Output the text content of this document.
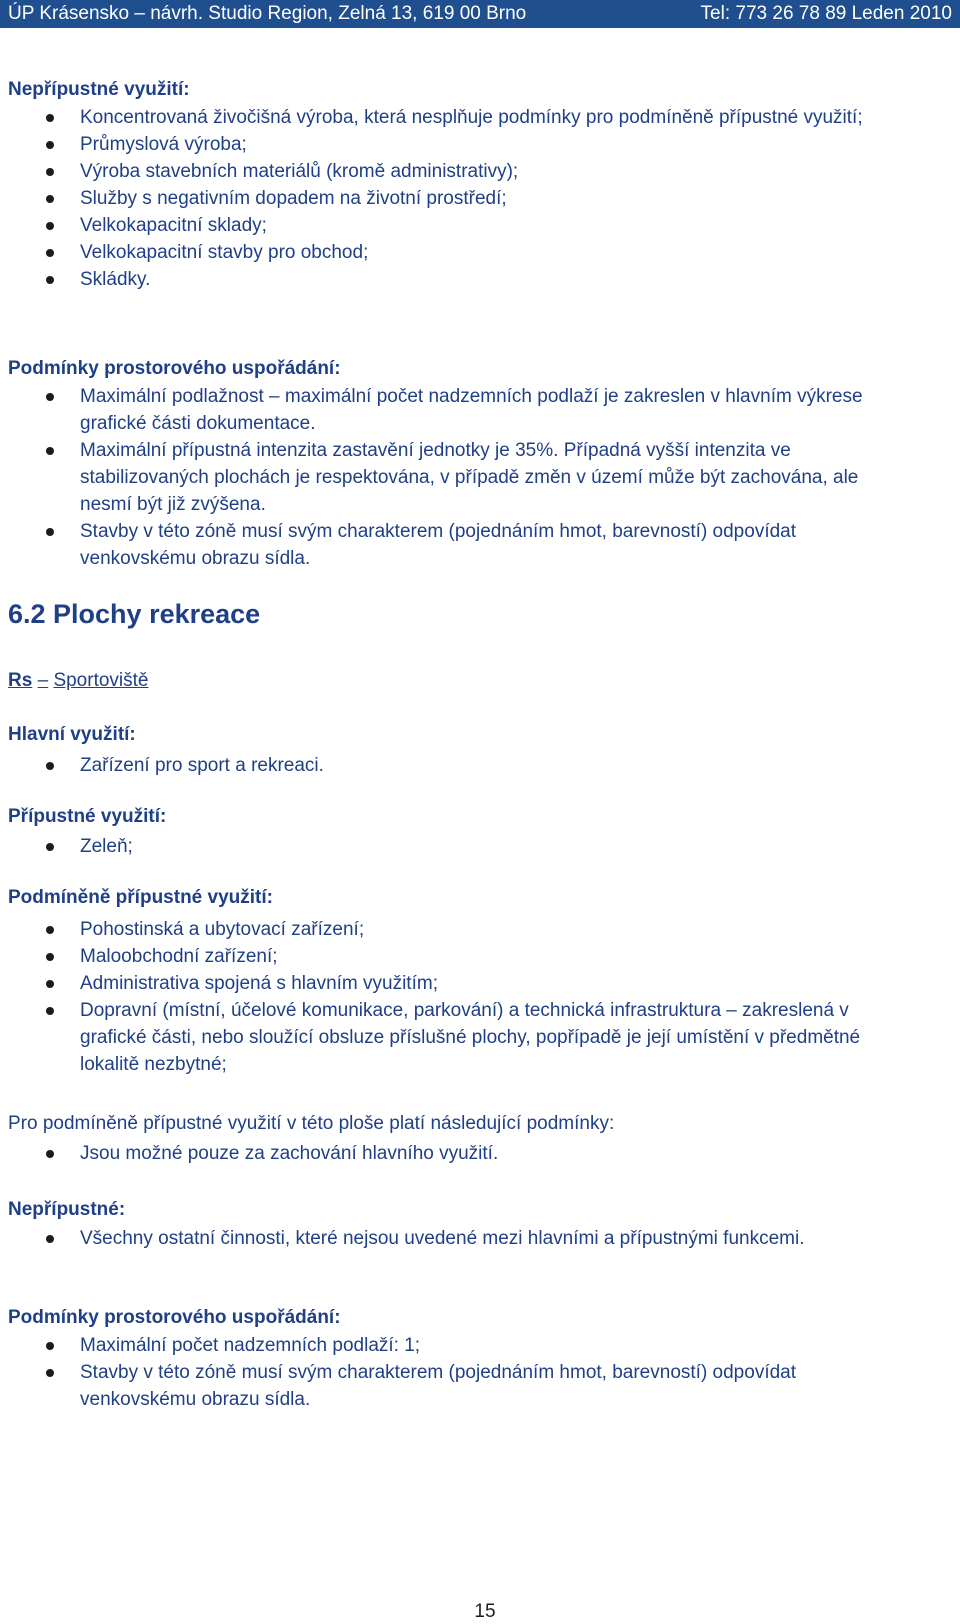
ÚP Krásensko – návrh. Studio Region, Zelná 13, 619 00 Brno	Tel: 773 26 78 89 Leden 2010
Nepřípustné využití:
Koncentrovaná živočišná výroba, která nesplňuje podmínky pro podmíněně přípustné využití;
Průmyslová výroba;
Výroba stavebních materiálů (kromě administrativy);
Služby s negativním dopadem na životní prostředí;
Velkokapacitní sklady;
Velkokapacitní stavby pro obchod;
Skládky.
Podmínky prostorového uspořádání:
Maximální podlažnost – maximální počet nadzemních podlaží je zakreslen v hlavním výkrese grafické části dokumentace.
Maximální přípustná intenzita zastavění jednotky je 35%. Případná vyšší intenzita ve stabilizovaných plochách je respektována, v případě změn v území může být zachována, ale nesmí být již zvýšena.
Stavby v této zóně musí svým charakterem (pojednáním hmot, barevností) odpovídat venkovskému obrazu sídla.
6.2 Plochy rekreace
Rs – Sportoviště
Hlavní využití:
Zařízení pro sport a rekreaci.
Přípustné využití:
Zeleň;
Podmíněně přípustné využití:
Pohostinská a ubytovací zařízení;
Maloobchodní zařízení;
Administrativa spojená s hlavním využitím;
Dopravní (místní, účelové komunikace, parkování) a technická infrastruktura – zakreslená v grafické části, nebo sloužící obsluze příslušné plochy, popřípadě je její umístění v předmětné lokalitě nezbytné;
Pro podmíněně přípustné využití v této ploše platí následující podmínky:
Jsou možné pouze za zachování hlavního využití.
Nepřípustné:
Všechny ostatní činnosti, které nejsou uvedené mezi hlavními a přípustnými funkcemi.
Podmínky prostorového uspořádání:
Maximální počet nadzemních podlaží: 1;
Stavby v této zóně musí svým charakterem (pojednáním hmot, barevností) odpovídat venkovskému obrazu sídla.
15
